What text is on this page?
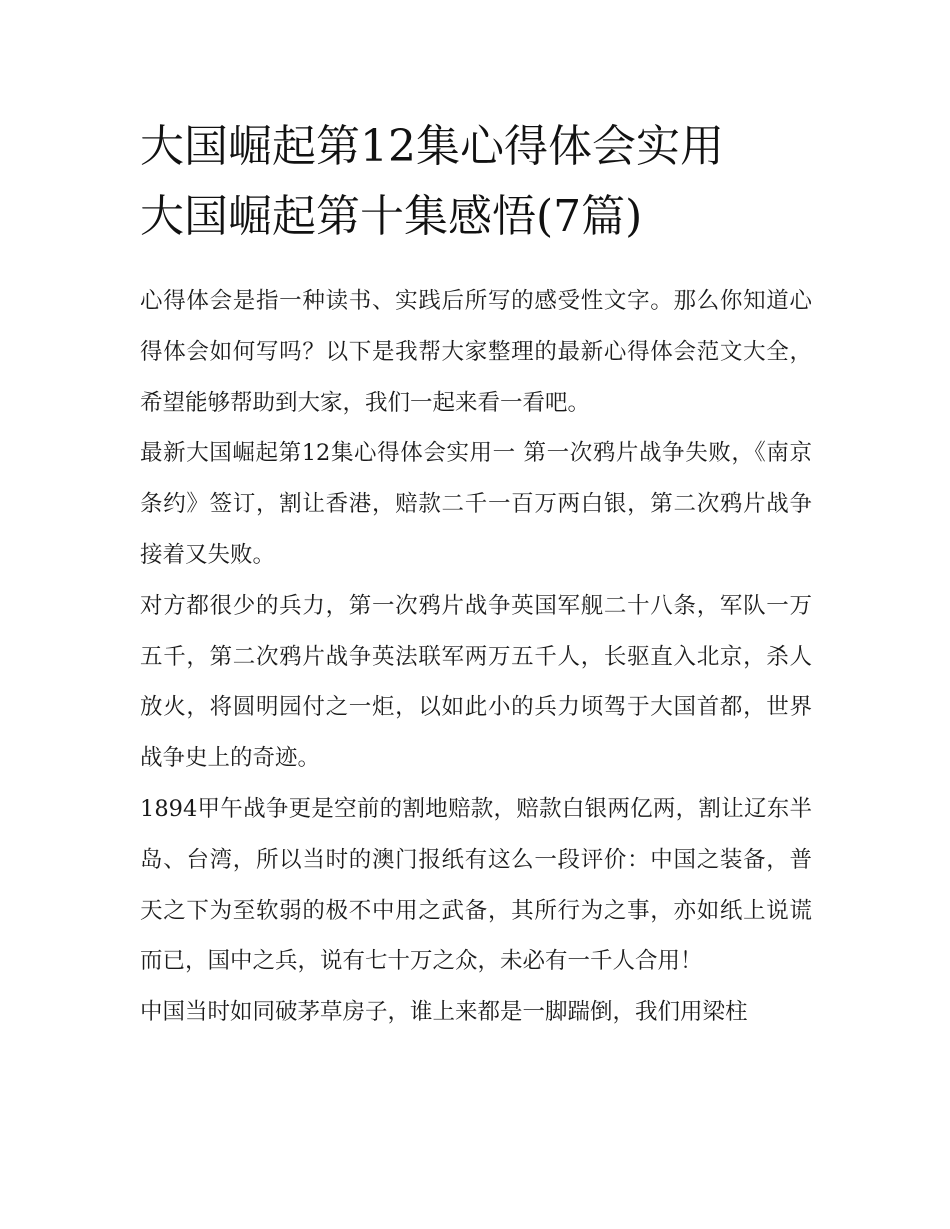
大国崛起第12集心得体会实用
大国崛起第十集感悟(7篇)

心得体会是指一种读书、实践后所写的感受性文字。那么你知道心得体会如何写吗？以下是我帮大家整理的最新心得体会范文大全，希望能够帮助到大家，我们一起来看一看吧。

最新大国崛起第12集心得体会实用一 第一次鸦片战争失败，《南京条约》签订，割让香港，赔款二千一百万两白银，第二次鸦片战争接着又失败。

对方都很少的兵力，第一次鸦片战争英国军舰二十八条，军队一万五千，第二次鸦片战争英法联军两万五千人，长驱直入北京，杀人放火，将圆明园付之一炬，以如此小的兵力顷驾于大国首都，世界战争史上的奇迹。

1894甲午战争更是空前的割地赔款，赔款白银两亿两，割让辽东半岛、台湾，所以当时的澳门报纸有这么一段评价：中国之装备，普天之下为至软弱的极不中用之武备，其所行为之事，亦如纸上说谎而已，国中之兵，说有七十万之众，未必有一千人合用！

中国当时如同破茅草房子，谁上来都是一脚踹倒，我们用梁柱
